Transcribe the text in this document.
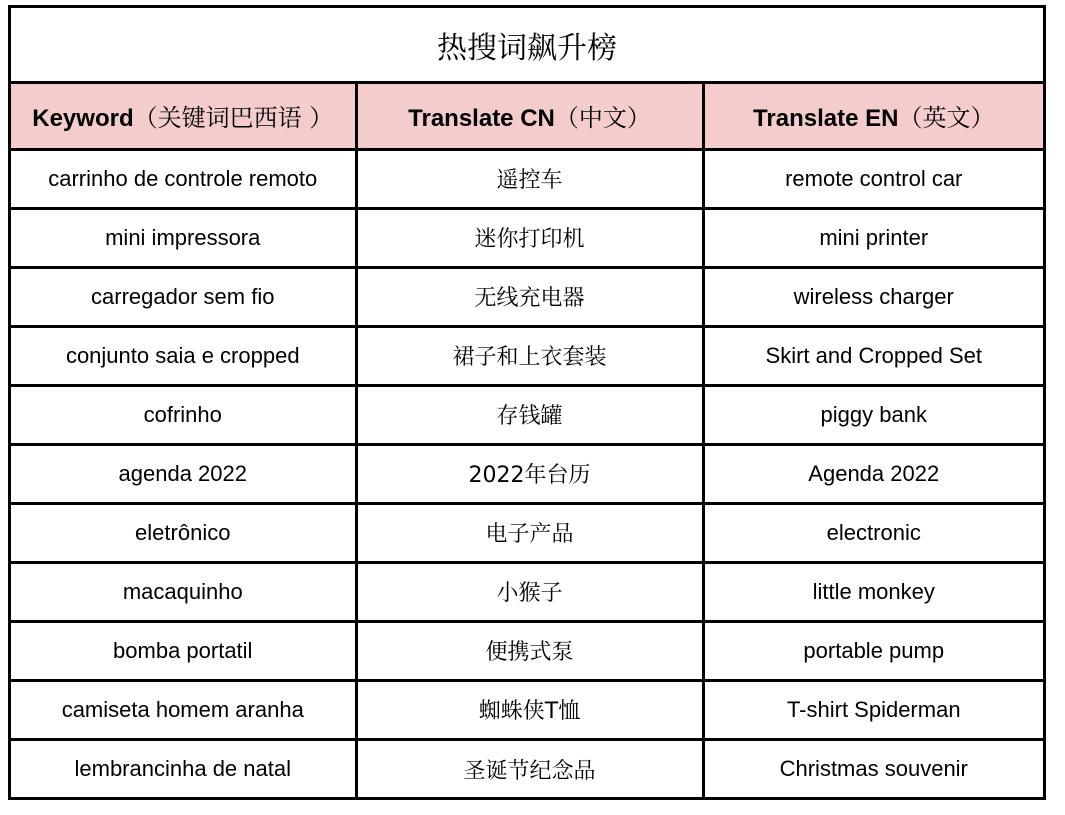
热搜词飙升榜
Keyword（关键词巴西语 ）	Translate CN（中文）	Translate EN（英文）
carrinho de controle remoto	遥控车	remote control car
mini impressora	迷你打印机	mini printer
carregador sem fio	无线充电器	wireless charger
conjunto saia e cropped	裙子和上衣套装	Skirt and Cropped Set
cofrinho	存钱罐	piggy bank
agenda 2022	2022年台历	Agenda 2022
eletrônico	电子产品	electronic
macaquinho	小猴子	little monkey
bomba portatil	便携式泵	portable pump
camiseta homem aranha	蜘蛛侠T恤	T-shirt Spiderman
lembrancinha de natal	圣诞节纪念品	Christmas souvenir
